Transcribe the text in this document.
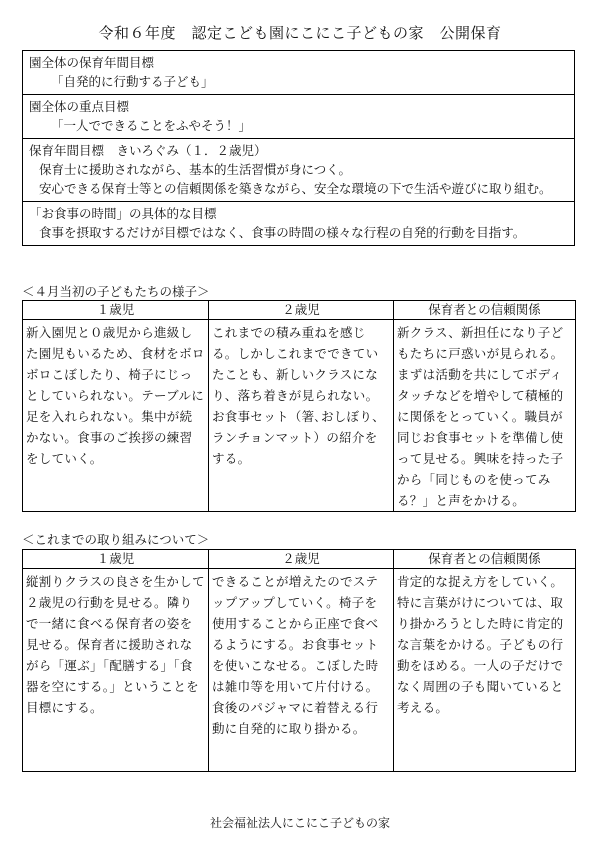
令和６年度　認定こども園にこにこ子どもの家　公開保育
園全体の保育年間目標
「自発的に行動する子ども」
園全体の重点目標
「一人でできることをふやそう！」
保育年間目標　きいろぐみ（１．２歳児）
保育士に援助されながら、基本的生活習慣が身につく。
安心できる保育士等との信頼関係を築きながら、安全な環境の下で生活や遊びに取り組む。
「お食事の時間」の具体的な目標
食事を摂取するだけが目標ではなく、食事の時間の様々な行程の自発的行動を目指す。
＜４月当初の子どもたちの様子＞
１歳児	２歳児	保育者との信頼関係
新入園児と０歳児から進級した園児もいるため、食材をボロボロこぼしたり、椅子にじっとしていられない。テーブルに足を入れられない。集中が続かない。食事のご挨拶の練習をしていく。	これまでの積み重ねを感じる。しかしこれまでできていたことも、新しいクラスになり、落ち着きが見られない。お食事セット（箸､おしぼり、ランチョンマット）の紹介をする。	新クラス、新担任になり子どもたちに戸惑いが見られる。まずは活動を共にしてボディタッチなどを増やして積極的に関係をとっていく。職員が同じお食事セットを準備し使って見せる。興味を持った子から「同じものを使ってみる？」と声をかける。
＜これまでの取り組みについて＞
１歳児	２歳児	保育者との信頼関係
縦割りクラスの良さを生かして２歳児の行動を見せる。隣りで一緒に食べる保育者の姿を見せる。保育者に援助されながら「運ぶ」「配膳する」「食器を空にする。」ということを目標にする。	できることが増えたのでステップアップしていく。椅子を使用することから正座で食べるようにする。お食事セットを使いこなせる。こぼした時は雑巾等を用いて片付ける。食後のパジャマに着替える行動に自発的に取り掛かる。	肯定的な捉え方をしていく。特に言葉がけについては、取り掛かろうとした時に肯定的な言葉をかける。子どもの行動をほめる。一人の子だけでなく周囲の子も聞いていると考える。
社会福祉法人にこにこ子どもの家
